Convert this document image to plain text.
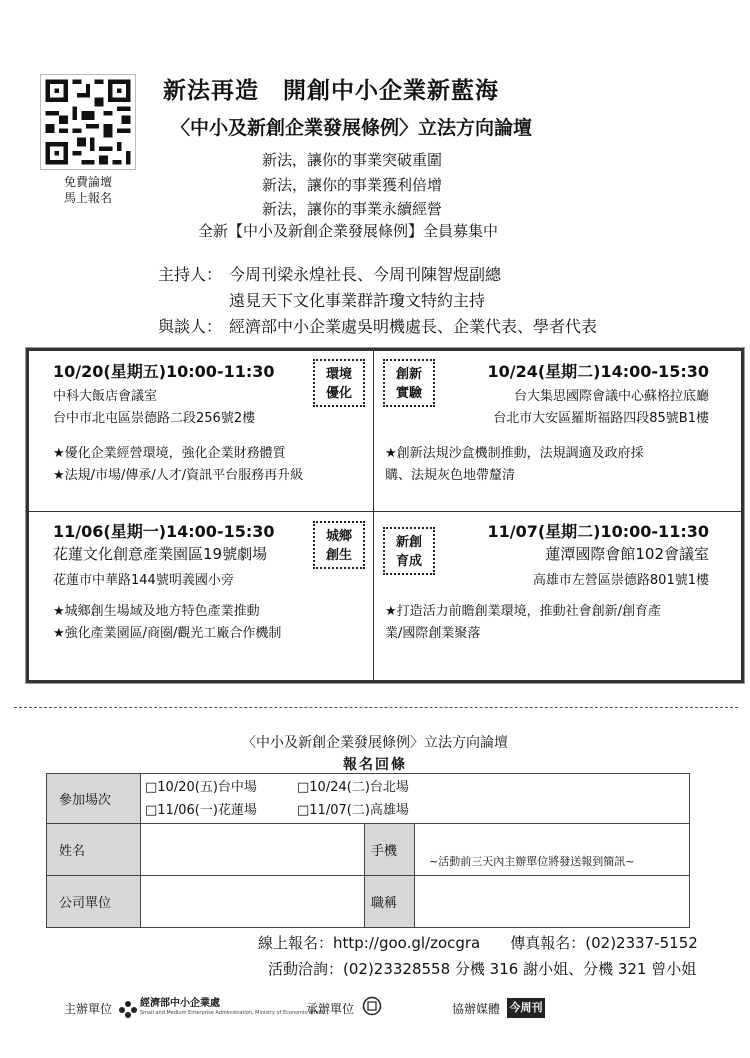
免費論壇
馬上報名
新法再造　開創中小企業新藍海
〈中小及新創企業發展條例〉立法方向論壇
新法，讓你的事業突破重圍
新法，讓你的事業獲利倍增
新法，讓你的事業永續經營
全新【中小及新創企業發展條例】全員募集中
主持人： 今周刊梁永煌社長、今周刊陳智煜副總
遠見天下文化事業群許瓊文特約主持
與談人： 經濟部中小企業處吳明機處長、企業代表、學者代表
10/20(星期五)10:00-11:30
中科大飯店會議室
台中市北屯區崇德路二段256號2樓
環境
優化
★優化企業經營環境，強化企業財務體質
★法規/市場/傳承/人才/資訊平台服務再升級
創新
實驗
10/24(星期二)14:00-15:30
台大集思國際會議中心蘇格拉底廳
台北市大安區羅斯福路四段85號B1樓
★創新法規沙盒機制推動，法規調適及政府採
購、法規灰色地帶釐清
11/06(星期一)14:00-15:30
花蓮文化創意產業園區19號劇場
花蓮市中華路144號明義國小旁
城鄉
創生
★城鄉創生場域及地方特色產業推動
★強化產業園區/商圈/觀光工廠合作機制
新創
育成
11/07(星期二)10:00-11:30
蓮潭國際會館102會議室
高雄市左營區崇德路801號1樓
★打造活力前瞻創業環境，推動社會創新/創育產
業/國際創業聚落
〈中小及新創企業發展條例〉立法方向論壇
報名回條
參加場次	□10/20(五)台中場 □10/24(二)台北場
□11/06(一)花蓮場 □11/07(二)高雄場		
姓名		手機	~活動前三天內主辦單位將發送報到簡訊~
公司單位		職稱	
線上報名：http://goo.gl/zocgra　　傳真報名：(02)2337-5152
活動洽詢：(02)23328558 分機 316 謝小姐、分機 321 曾小姐
主辦單位	經濟部中小企業處
Small and Medium Enterprise Administration, Ministry of Economic Affairs
承辦單位	協辦媒體 今周刊
